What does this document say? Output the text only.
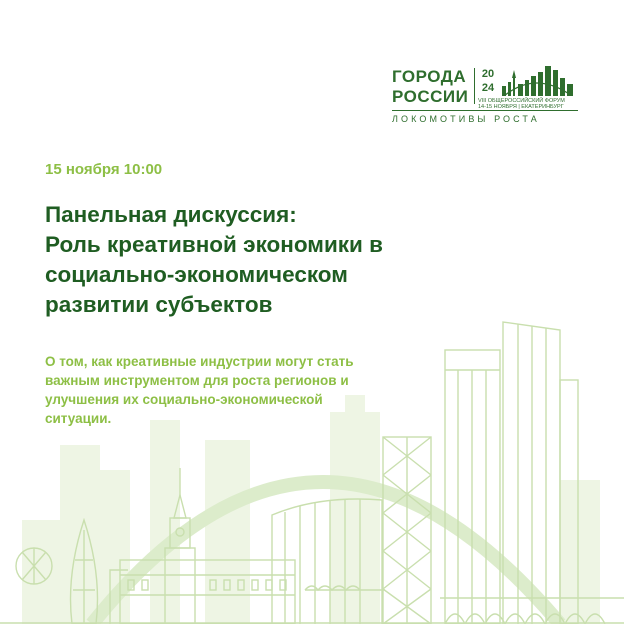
ГОРОДА
РОССИИ
20
24
VIII ОБЩЕРОССИЙСКИЙ ФОРУМ
14-15 НОЯБРЯ | ЕКАТЕРИНБУРГ
ЛОКОМОТИВЫ РОСТА
15 ноября 10:00
Панельная дискуссия:
Роль креативной экономики в
социально-экономическом
развитии субъектов
О том, как креативные индустрии могут стать
важным инструментом для роста регионов и
улучшения их социально-экономической
ситуации.
